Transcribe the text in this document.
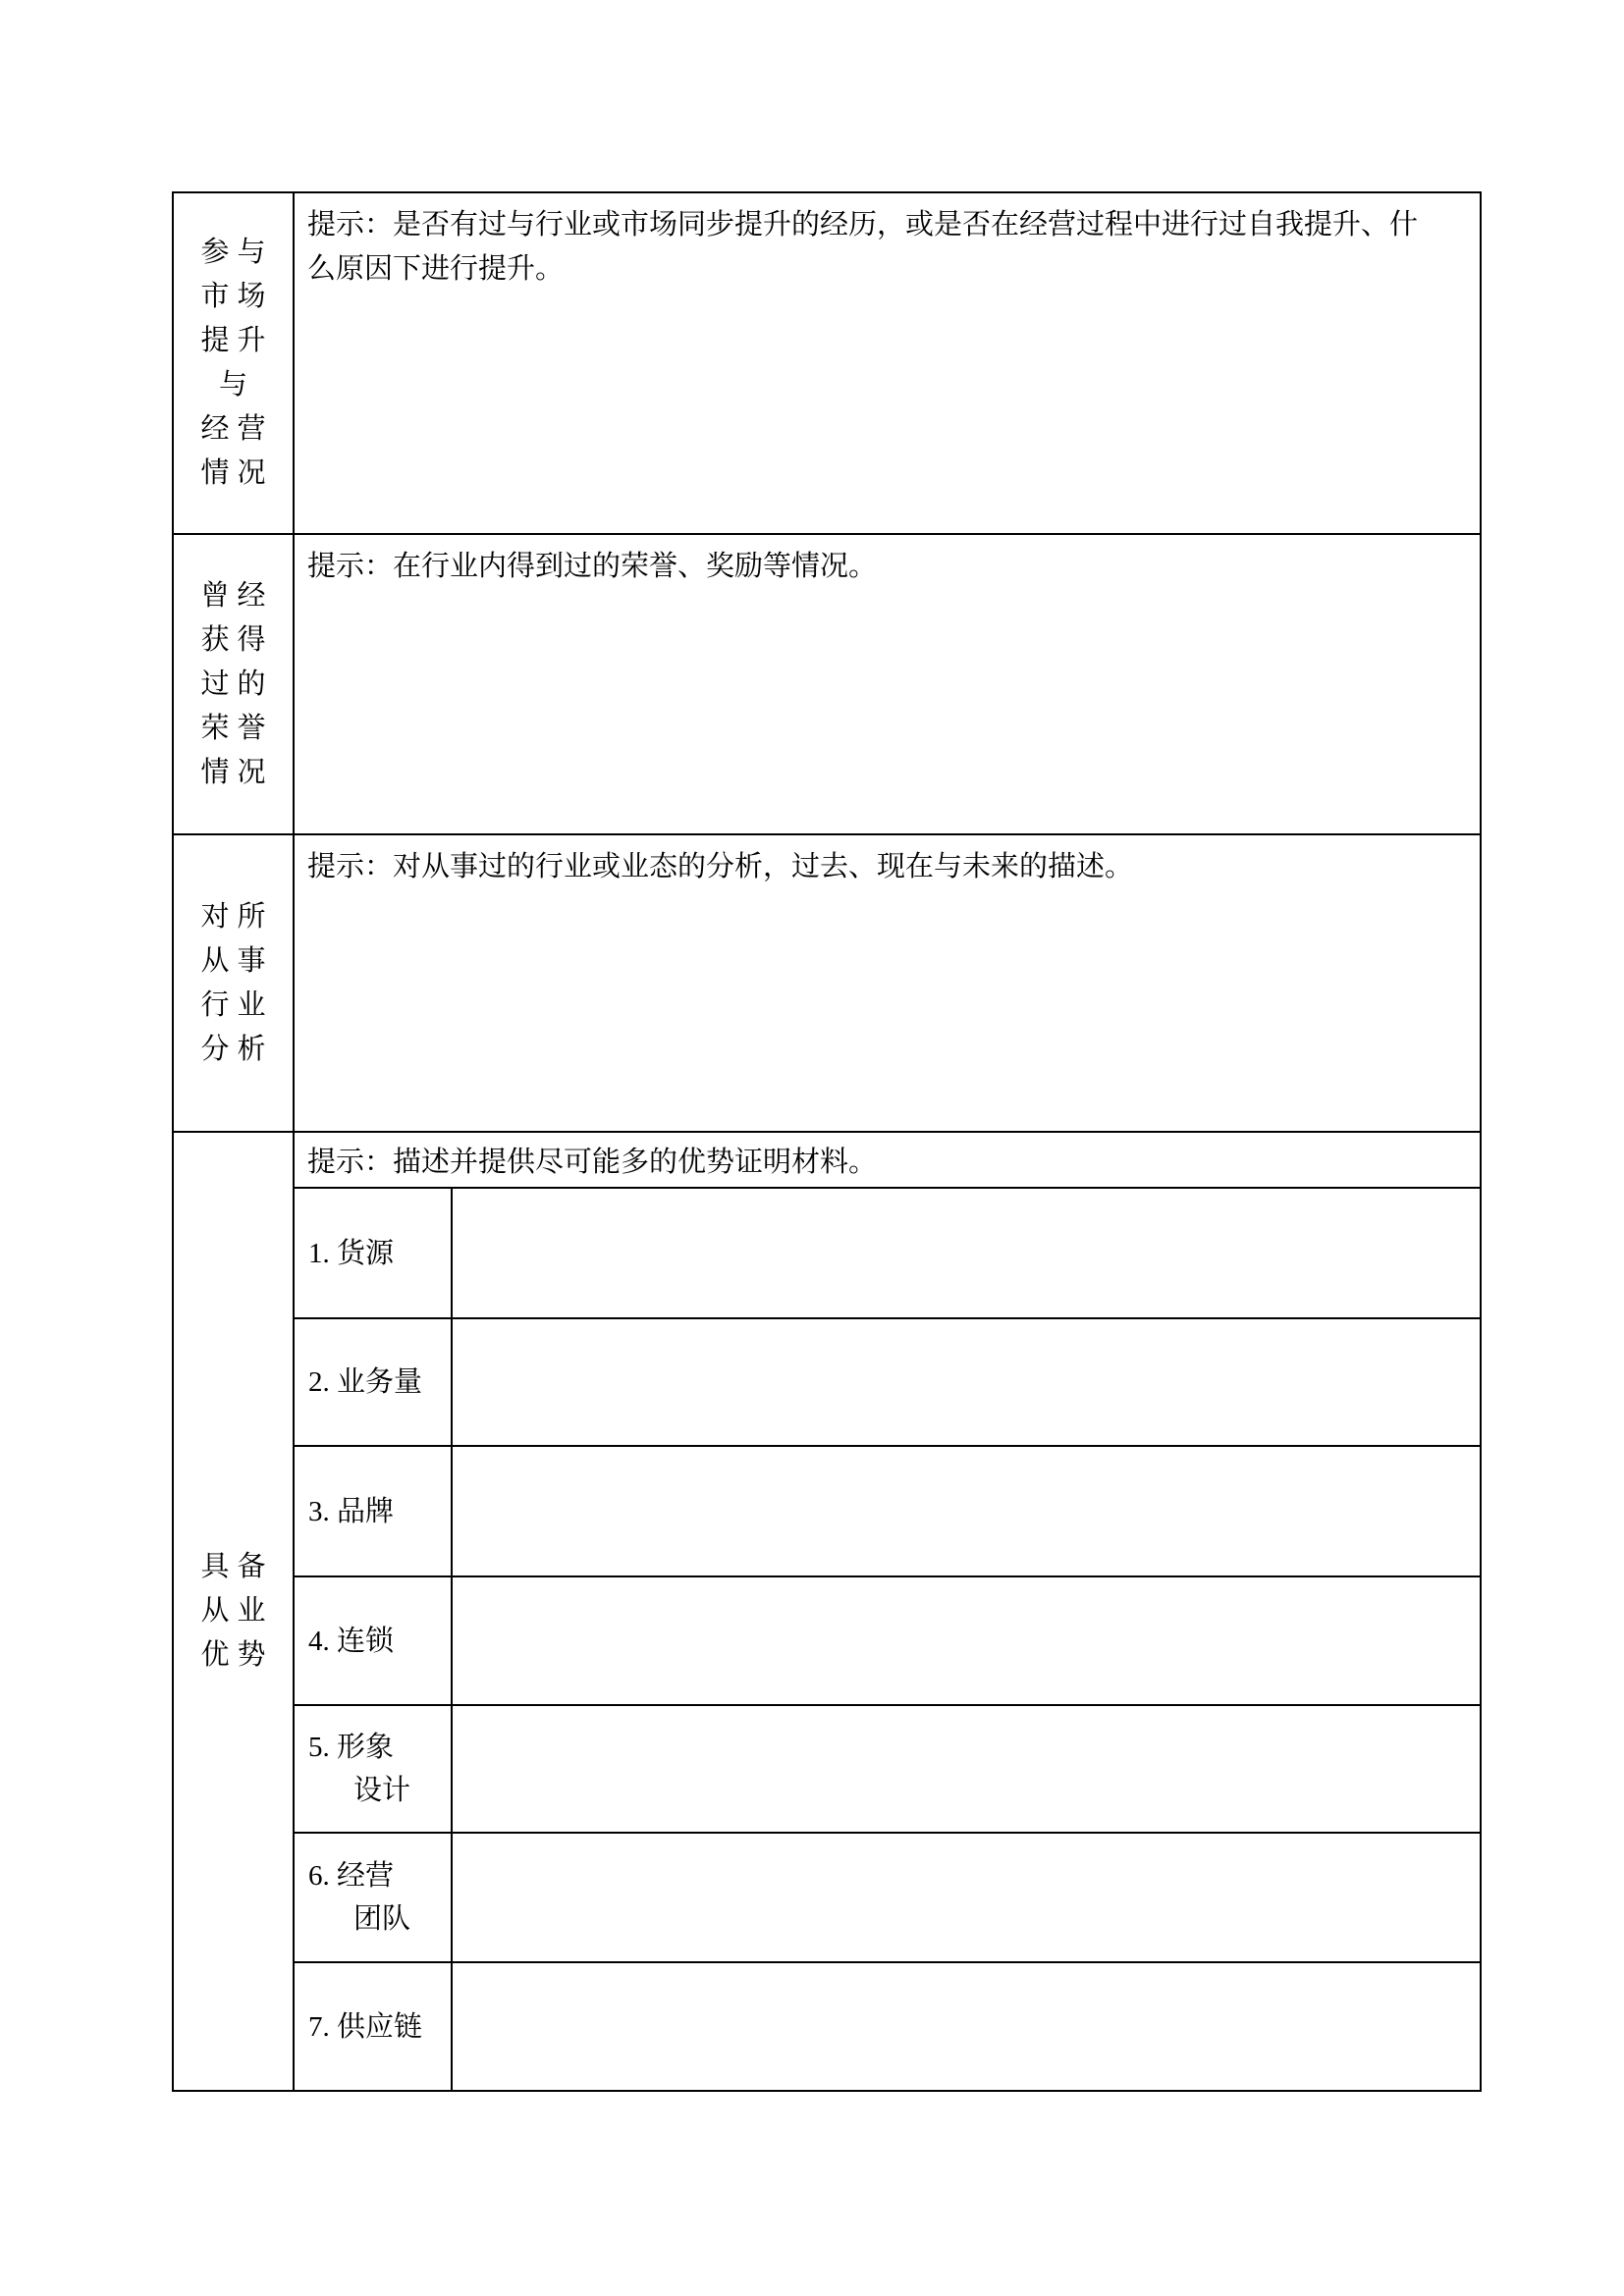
参与
市场
提升
与
经营
情况
提示：是否有过与行业或市场同步提升的经历，或是否在经营过程中进行过自我提升、什么原因下进行提升。
曾经
获得
过的
荣誉
情况
提示：在行业内得到过的荣誉、奖励等情况。
对所
从事
行业
分析
提示：对从事过的行业或业态的分析，过去、现在与未来的描述。
具备
从业
优势
提示：描述并提供尽可能多的优势证明材料。
1. 货源
2. 业务量
3. 品牌
4. 连锁
5. 形象
设计
6. 经营
团队
7. 供应链
